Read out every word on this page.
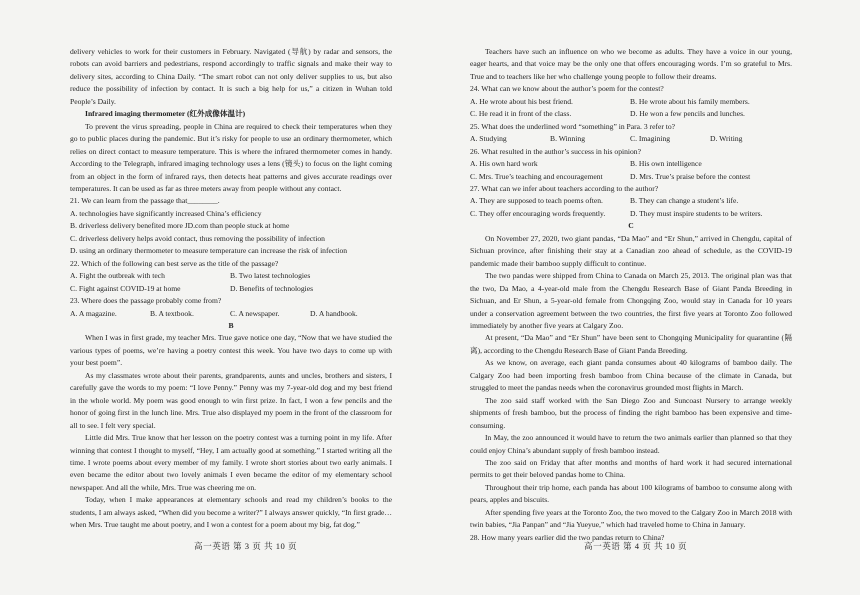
delivery vehicles to work for their customers in February. Navigated (导航) by radar and sensors, the robots can avoid barriers and pedestrians, respond accordingly to traffic signals and make their way to delivery sites, according to China Daily. “The smart robot can not only deliver supplies to us, but also reduce the possibility of infection by contact. It is such a big help for us,” a citizen in Wuhan told People’s Daily.

Infrared imaging thermometer (红外成像体温计)

To prevent the virus spreading, people in China are required to check their temperatures when they go to public places during the pandemic. But it’s risky for people to use an ordinary thermometer, which relies on direct contact to measure temperature. This is where the infrared thermometer comes in handy. According to the Telegraph, infrared imaging technology uses a lens (镜头) to focus on the light coming from an object in the form of infrared rays, then detects heat patterns and gives accurate readings over temperatures. It can be used as far as three meters away from people without any contact.

21. We can learn from the passage that________.

A. technologies have significantly increased China’s efficiency

B. driverless delivery benefited more JD.com than people stuck at home

C. driverless delivery helps avoid contact, thus removing the possibility of infection

D. using an ordinary thermometer to measure temperature can increase the risk of infection

22. Which of the following can best serve as the title of the passage?

A. Fight the outbreak with tech	B. Two latest technologies

C. Fight against COVID-19 at home	D. Benefits of technologies

23. Where does the passage probably come from?

A. A magazine.	B. A textbook.	C. A newspaper.	D. A handbook.

B

When I was in first grade, my teacher Mrs. True gave notice one day, “Now that we have studied the various types of poems, we’re having a poetry contest this week. You have two days to come up with your best poem”.

As my classmates wrote about their parents, grandparents, aunts and uncles, brothers and sisters, I carefully gave the words to my poem: “I love Penny.” Penny was my 7-year-old dog and my best friend in the whole world. My poem was good enough to win first prize. In fact, I won a few pencils and the honor of going first in the lunch line. Mrs. True also displayed my poem in the front of the classroom for all to see. I felt very special.

Little did Mrs. True know that her lesson on the poetry contest was a turning point in my life. After winning that contest I thought to myself, “Hey, I am actually good at something.” I started writing all the time. I wrote poems about every member of my family. I wrote short stories about two early animals. I even became the editor about two lovely animals I even became the editor of my elementary school newspaper. And all the while, Mrs. True was cheering me on.

Today, when I make appearances at elementary schools and read my children’s books to the students, I am always asked, “When did you become a writer?” I always answer quickly, “In first grade…when Mrs. True taught me about poetry, and I won a contest for a poem about my big, fat dog.”

Teachers have such an influence on who we become as adults. They have a voice in our young, eager hearts, and that voice may be the only one that offers encouraging words. I’m so grateful to Mrs. True and to teachers like her who challenge young people to follow their dreams.

24. What can we know about the author’s poem for the contest?

A. He wrote about his best friend.	B. He wrote about his family members.

C. He read it in front of the class.	D. He won a few pencils and lunches.

25. What does the underlined word “something” in Para. 3 refer to?

A. Studying	B. Winning	C. Imagining	D. Writing

26. What resulted in the author’s success in his opinion?

A. His own hard work	B. His own intelligence

C. Mrs. True’s teaching and encouragement	D. Mrs. True’s praise before the contest

27. What can we infer about teachers according to the author?

A. They are supposed to teach poems often.	B. They can change a student’s life.

C. They offer encouraging words frequently.	D. They must inspire students to be writers.

C

On November 27, 2020, two giant pandas, “Da Mao” and “Er Shun,” arrived in Chengdu, capital of Sichuan province, after finishing their stay at a Canadian zoo ahead of schedule, as the COVID-19 pandemic made their bamboo supply difficult to continue.

The two pandas were shipped from China to Canada on March 25, 2013. The original plan was that the two, Da Mao, a 4-year-old male from the Chengdu Research Base of Giant Panda Breeding in Sichuan, and Er Shun, a 5-year-old female from Chongqing Zoo, would stay in Canada for 10 years under a conservation agreement between the two countries, the first five years at Toronto Zoo followed immediately by another five years at Calgary Zoo.

At present, “Da Mao” and “Er Shun” have been sent to Chongqing Municipality for quarantine (隔离), according to the Chengdu Research Base of Giant Panda Breeding.

As we know, on average, each giant panda consumes about 40 kilograms of bamboo daily. The Calgary Zoo had been importing fresh bamboo from China because of the climate in Canada, but struggled to meet the pandas needs when the coronavirus grounded most flights in March.

The zoo said staff worked with the San Diego Zoo and Suncoast Nursery to arrange weekly shipments of fresh bamboo, but the process of finding the right bamboo has been expensive and time-consuming.

In May, the zoo announced it would have to return the two animals earlier than planned so that they could enjoy China’s abundant supply of fresh bamboo instead.

The zoo said on Friday that after months and months of hard work it had secured international permits to get their beloved pandas home to China.

Throughout their trip home, each panda has about 100 kilograms of bamboo to consume along with pears, apples and biscuits.

After spending five years at the Toronto Zoo, the two moved to the Calgary Zoo in March 2018 with twin babies, “Jia Panpan” and “Jia Yueyue,” which had traveled home to China in January.

28. How many years earlier did the two pandas return to China?

高一英语 第 3 页 共 10 页	高一英语 第 4 页 共 10 页
